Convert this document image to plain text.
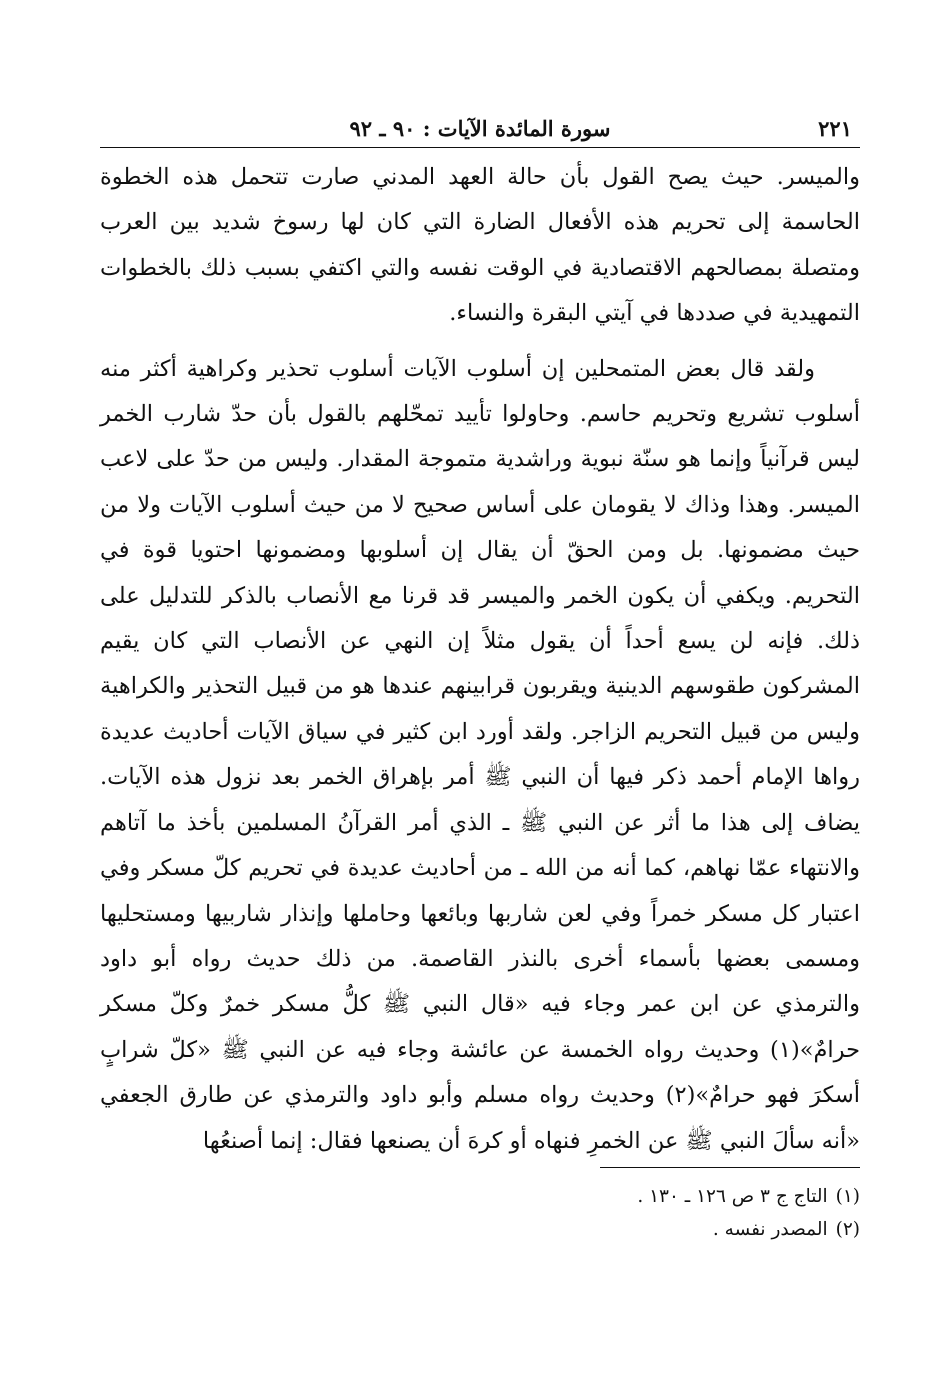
سورة المائدة الآيات : ٩٠ ـ ٩٢	٢٢١

والميسر. حيث يصح القول بأن حالة العهد المدني صارت تتحمل هذه الخطوة الحاسمة إلى تحريم هذه الأفعال الضارة التي كان لها رسوخ شديد بين العرب ومتصلة بمصالحهم الاقتصادية في الوقت نفسه والتي اكتفي بسبب ذلك بالخطوات التمهيدية في صددها في آيتي البقرة والنساء.

ولقد قال بعض المتمحلين إن أسلوب الآيات أسلوب تحذير وكراهية أكثر منه أسلوب تشريع وتحريم حاسم. وحاولوا تأييد تمحّلهم بالقول بأن حدّ شارب الخمر ليس قرآنياً وإنما هو سنّة نبوية وراشدية متموجة المقدار. وليس من حدّ على لاعب الميسر. وهذا وذاك لا يقومان على أساس صحيح لا من حيث أسلوب الآيات ولا من حيث مضمونها. بل ومن الحقّ أن يقال إن أسلوبها ومضمونها احتويا قوة في التحريم. ويكفي أن يكون الخمر والميسر قد قرنا مع الأنصاب بالذكر للتدليل على ذلك. فإنه لن يسع أحداً أن يقول مثلاً إن النهي عن الأنصاب التي كان يقيم المشركون طقوسهم الدينية ويقربون قرابينهم عندها هو من قبيل التحذير والكراهية وليس من قبيل التحريم الزاجر. ولقد أورد ابن كثير في سياق الآيات أحاديث عديدة رواها الإمام أحمد ذكر فيها أن النبي ﷺ أمر بإهراق الخمر بعد نزول هذه الآيات. يضاف إلى هذا ما أثر عن النبي ﷺ ـ الذي أمر القرآنُ المسلمين بأخذ ما آتاهم والانتهاء عمّا نهاهم، كما أنه من الله ـ من أحاديث عديدة في تحريم كلّ مسكر وفي اعتبار كل مسكر خمراً وفي لعن شاربها وبائعها وحاملها وإنذار شاربيها ومستحليها ومسمى بعضها بأسماء أخرى بالنذر القاصمة. من ذلك حديث رواه أبو داود والترمذي عن ابن عمر وجاء فيه «قال النبي ﷺ كلُّ مسكر خمرٌ وكلّ مسكر حرامٌ»(١) وحديث رواه الخمسة عن عائشة وجاء فيه عن النبي ﷺ «كلّ شرابٍ أسكرَ فهو حرامٌ»(٢) وحديث رواه مسلم وأبو داود والترمذي عن طارق الجعفي «أنه سألَ النبي ﷺ عن الخمرِ فنهاه أو كرهَ أن يصنعها فقال: إنما أصنعُها

(١)
التاج ج ٣ ص ١٢٦ ـ ١٣٠ .
(٢)
المصدر نفسه .
